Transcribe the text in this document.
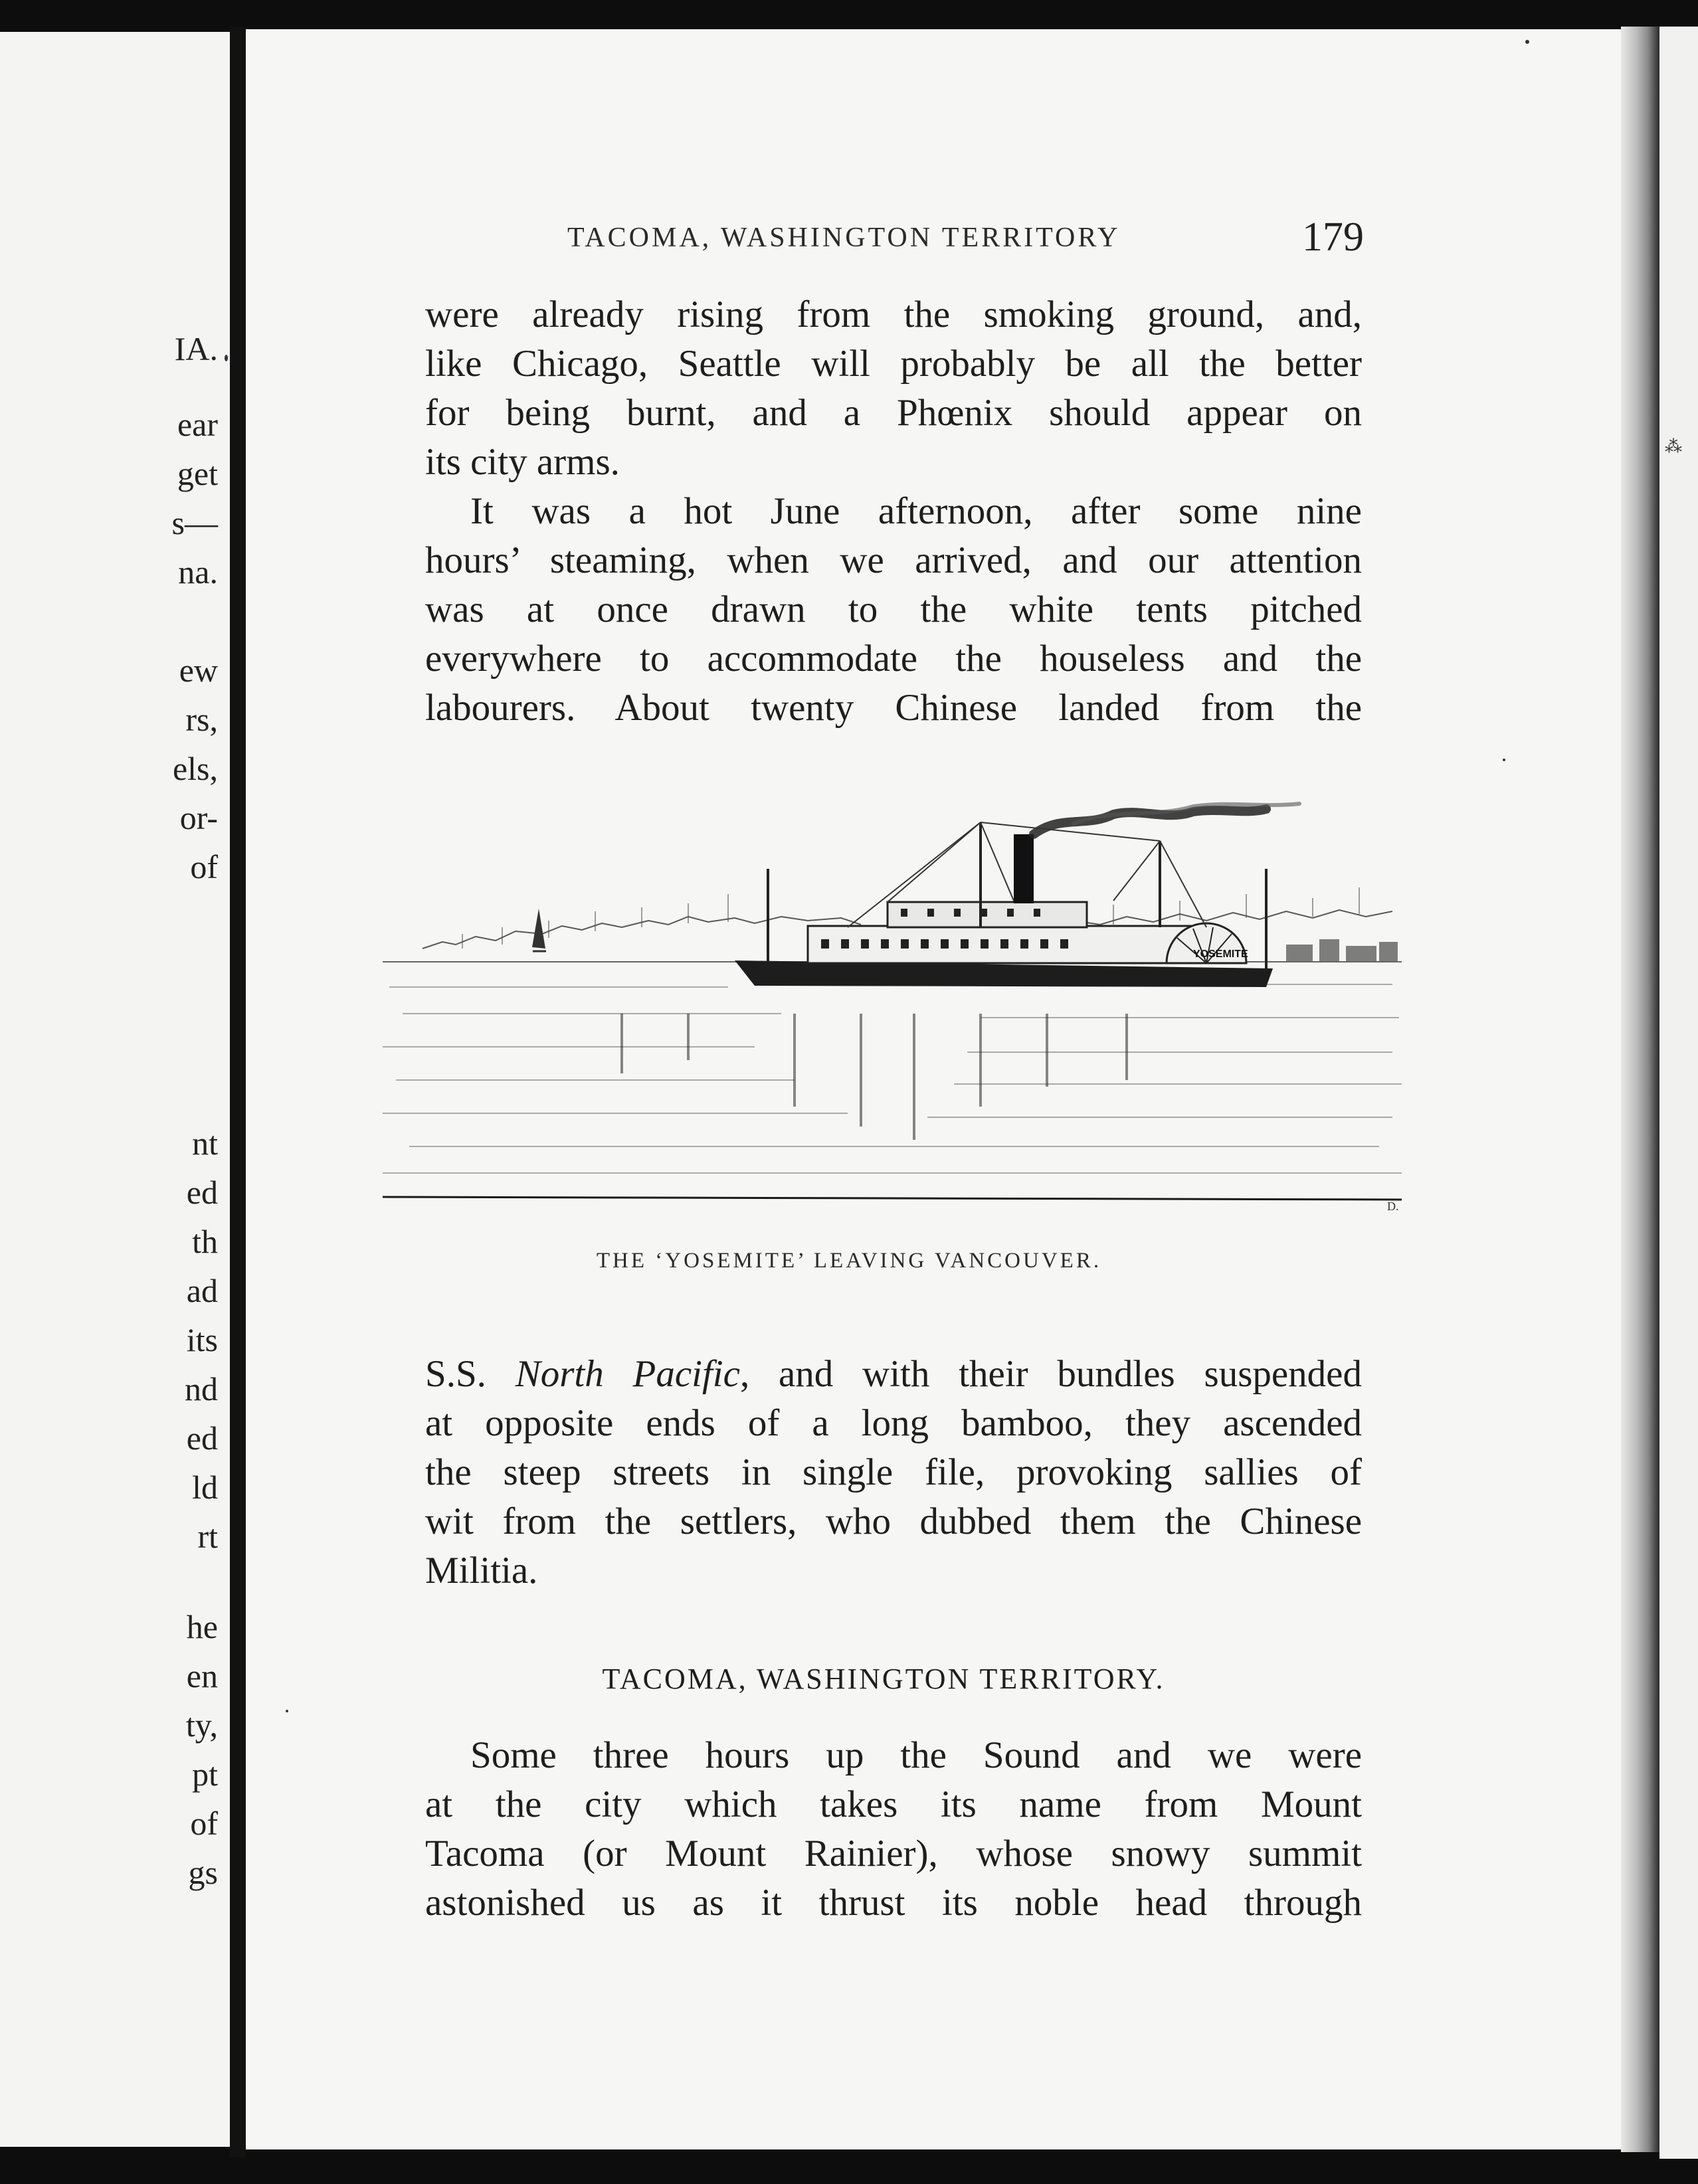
IA.
ear
get
s—
na.
ew
rs,
els,
or-
of
nt
ed
th
ad
its
nd
ed
ld
rt
he
en
ty,
pt
of
gs
⁂
TACOMA, WASHINGTON TERRITORY	179
were already rising from the smoking ground, and,
like Chicago, Seattle will probably be all the better
for being burnt, and a Phœnix should appear on
its city arms.
It was a hot June afternoon, after some nine
hours’ steaming, when we arrived, and our attention
was at once drawn to the white tents pitched
everywhere to accommodate the houseless and the
labourers. About twenty Chinese landed from the
YOSEMITE
D.
THE ‘YOSEMITE’ LEAVING VANCOUVER.
S.S. North Pacific, and with their bundles suspended
at opposite ends of a long bamboo, they ascended
the steep streets in single file, provoking sallies of
wit from the settlers, who dubbed them the Chinese
Militia.
TACOMA, WASHINGTON TERRITORY.
Some three hours up the Sound and we were
at the city which takes its name from Mount
Tacoma (or Mount Rainier), whose snowy summit
astonished us as it thrust its noble head through
